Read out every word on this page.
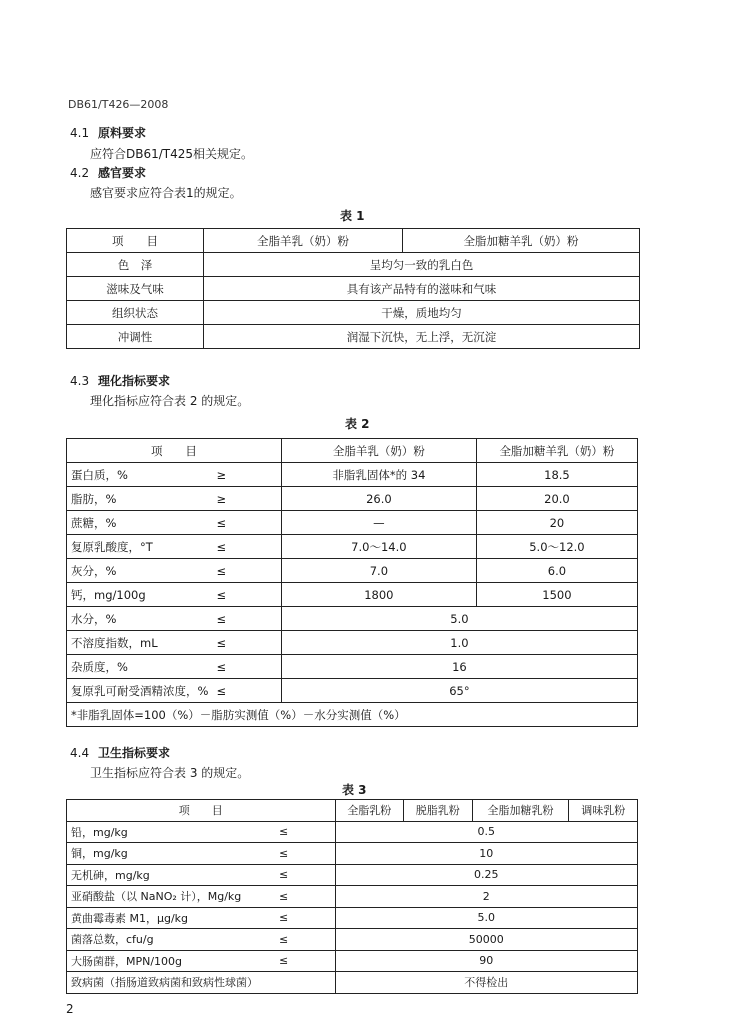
DB61/T426—2008
4.1 原料要求
应符合DB61/T425相关规定。
4.2 感官要求
感官要求应符合表1的规定。
表 1
项　　目	全脂羊乳（奶）粉	全脂加糖羊乳（奶）粉
色　泽	呈均匀一致的乳白色	
滋味及气味	具有该产品特有的滋味和气味	
组织状态	干燥，质地均匀	
冲调性	润湿下沉快，无上浮，无沉淀	
4.3 理化指标要求
理化指标应符合表 2 的规定。
表 2
项　　目		全脂羊乳（奶）粉	全脂加糖羊乳（奶）粉
蛋白质，%	≥	非脂乳固体*的 34	18.5
脂肪，%	≥	26.0	20.0
蔗糖，%	≤	—	20
复原乳酸度，°T	≤	7.0～14.0	5.0～12.0
灰分，%	≤	7.0	6.0
钙，mg/100g	≤	1800	1500
水分，%	≤	5.0	
不溶度指数，mL	≤	1.0	
杂质度，%	≤	16	
复原乳可耐受酒精浓度，%	≤	65°	
*非脂乳固体=100（%）－脂肪实测值（%）－水分实测值（%）			
4.4 卫生指标要求
卫生指标应符合表 3 的规定。
表 3
项　　目		全脂乳粉	脱脂乳粉	全脂加糖乳粉	调味乳粉
铅，mg/kg	≤	0.5			
铜，mg/kg	≤	10			
无机砷，mg/kg	≤	0.25			
亚硝酸盐（以 NaNO₂ 计），Mg/kg	≤	2			
黄曲霉毒素 M1，μg/kg	≤	5.0			
菌落总数，cfu/g	≤	50000			
大肠菌群，MPN/100g	≤	90			
致病菌（指肠道致病菌和致病性球菌）		不得检出			
2
